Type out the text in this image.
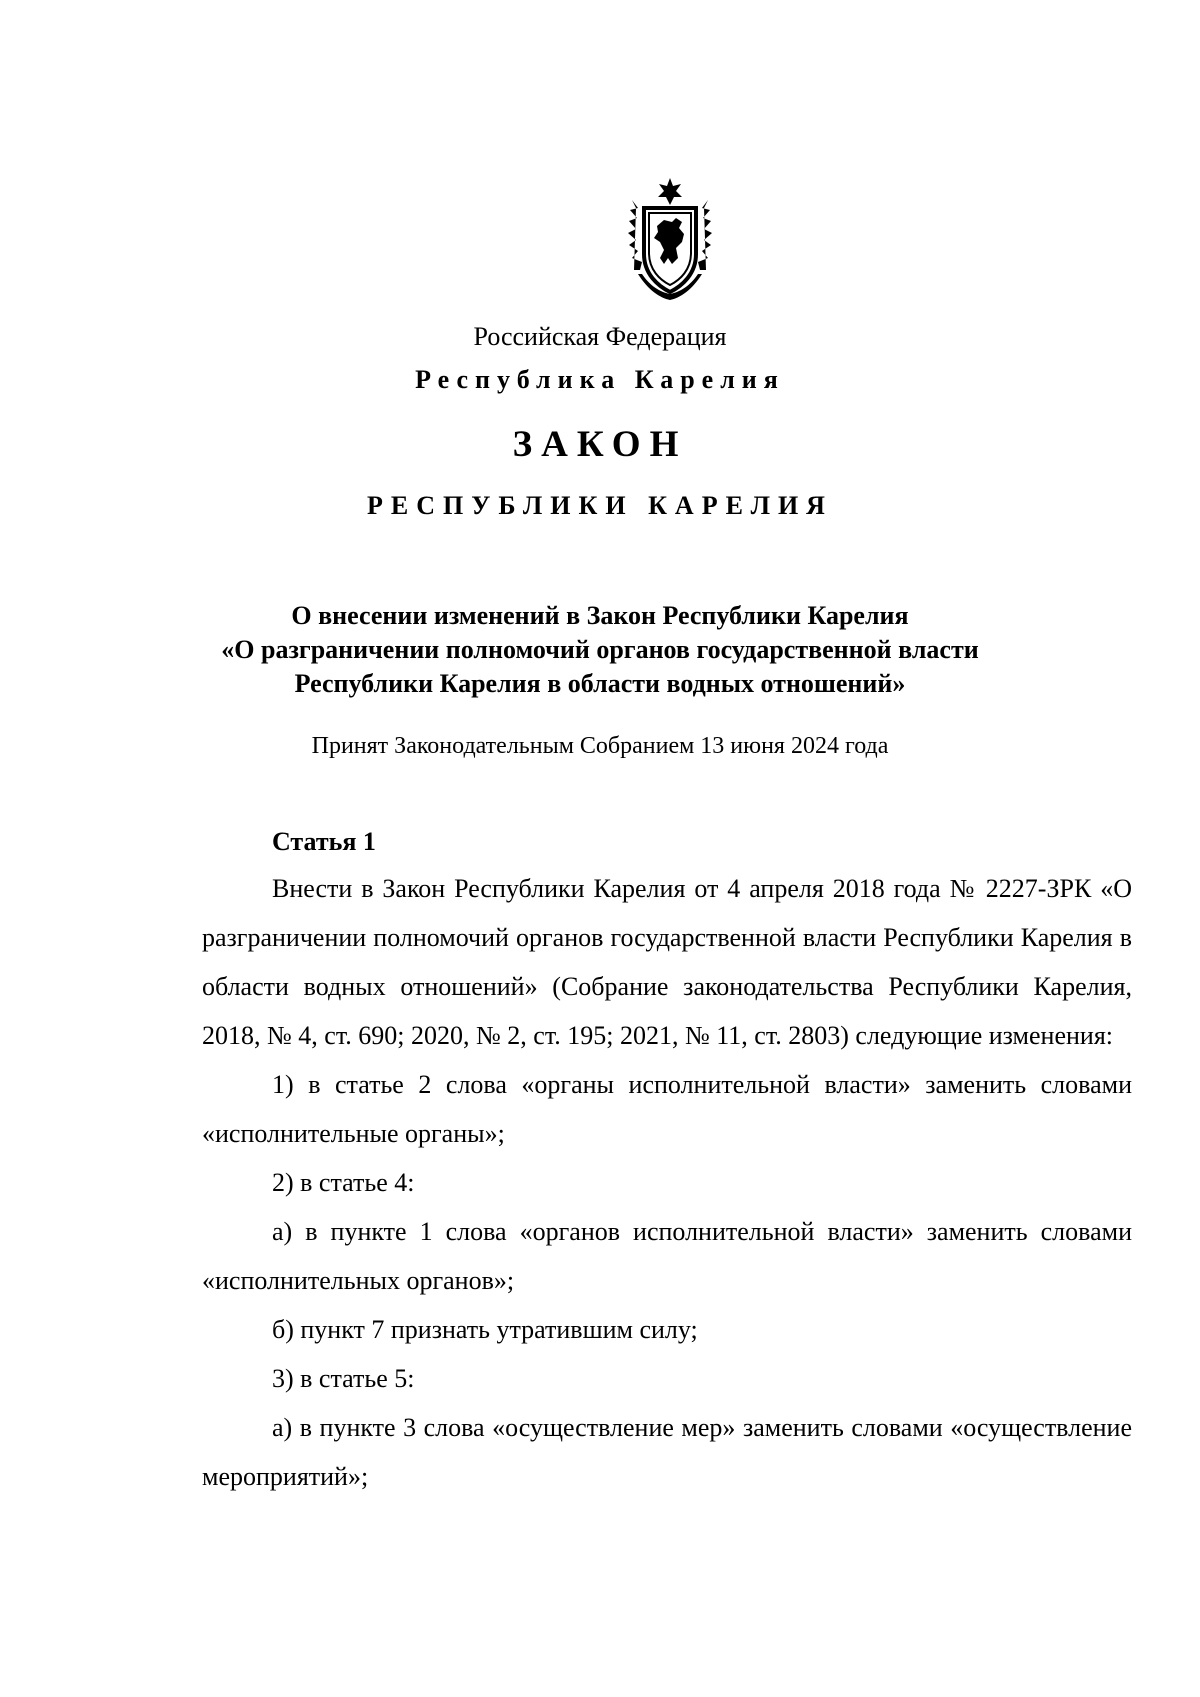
Российская Федерация
Республика Карелия
ЗАКОН
РЕСПУБЛИКИ КАРЕЛИЯ
О внесении изменений в Закон Республики Карелия
«О разграничении полномочий органов государственной власти
Республики Карелия в области водных отношений»
Принят Законодательным Собранием 13 июня 2024 года
Статья 1

Внести в Закон Республики Карелия от 4 апреля 2018 года № 2227-ЗРК «О разграничении полномочий органов государственной власти Республики Карелия в области водных отношений» (Собрание законодательства Республики Карелия, 2018, № 4, ст. 690; 2020, № 2, ст. 195; 2021, № 11, ст. 2803) следующие изменения:

1) в статье 2 слова «органы исполнительной власти» заменить словами «исполнительные органы»;

2) в статье 4:

а) в пункте 1 слова «органов исполнительной власти» заменить словами «исполнительных органов»;

б) пункт 7 признать утратившим силу;

3) в статье 5:

а) в пункте 3 слова «осуществление мер» заменить словами «осуществление мероприятий»;
